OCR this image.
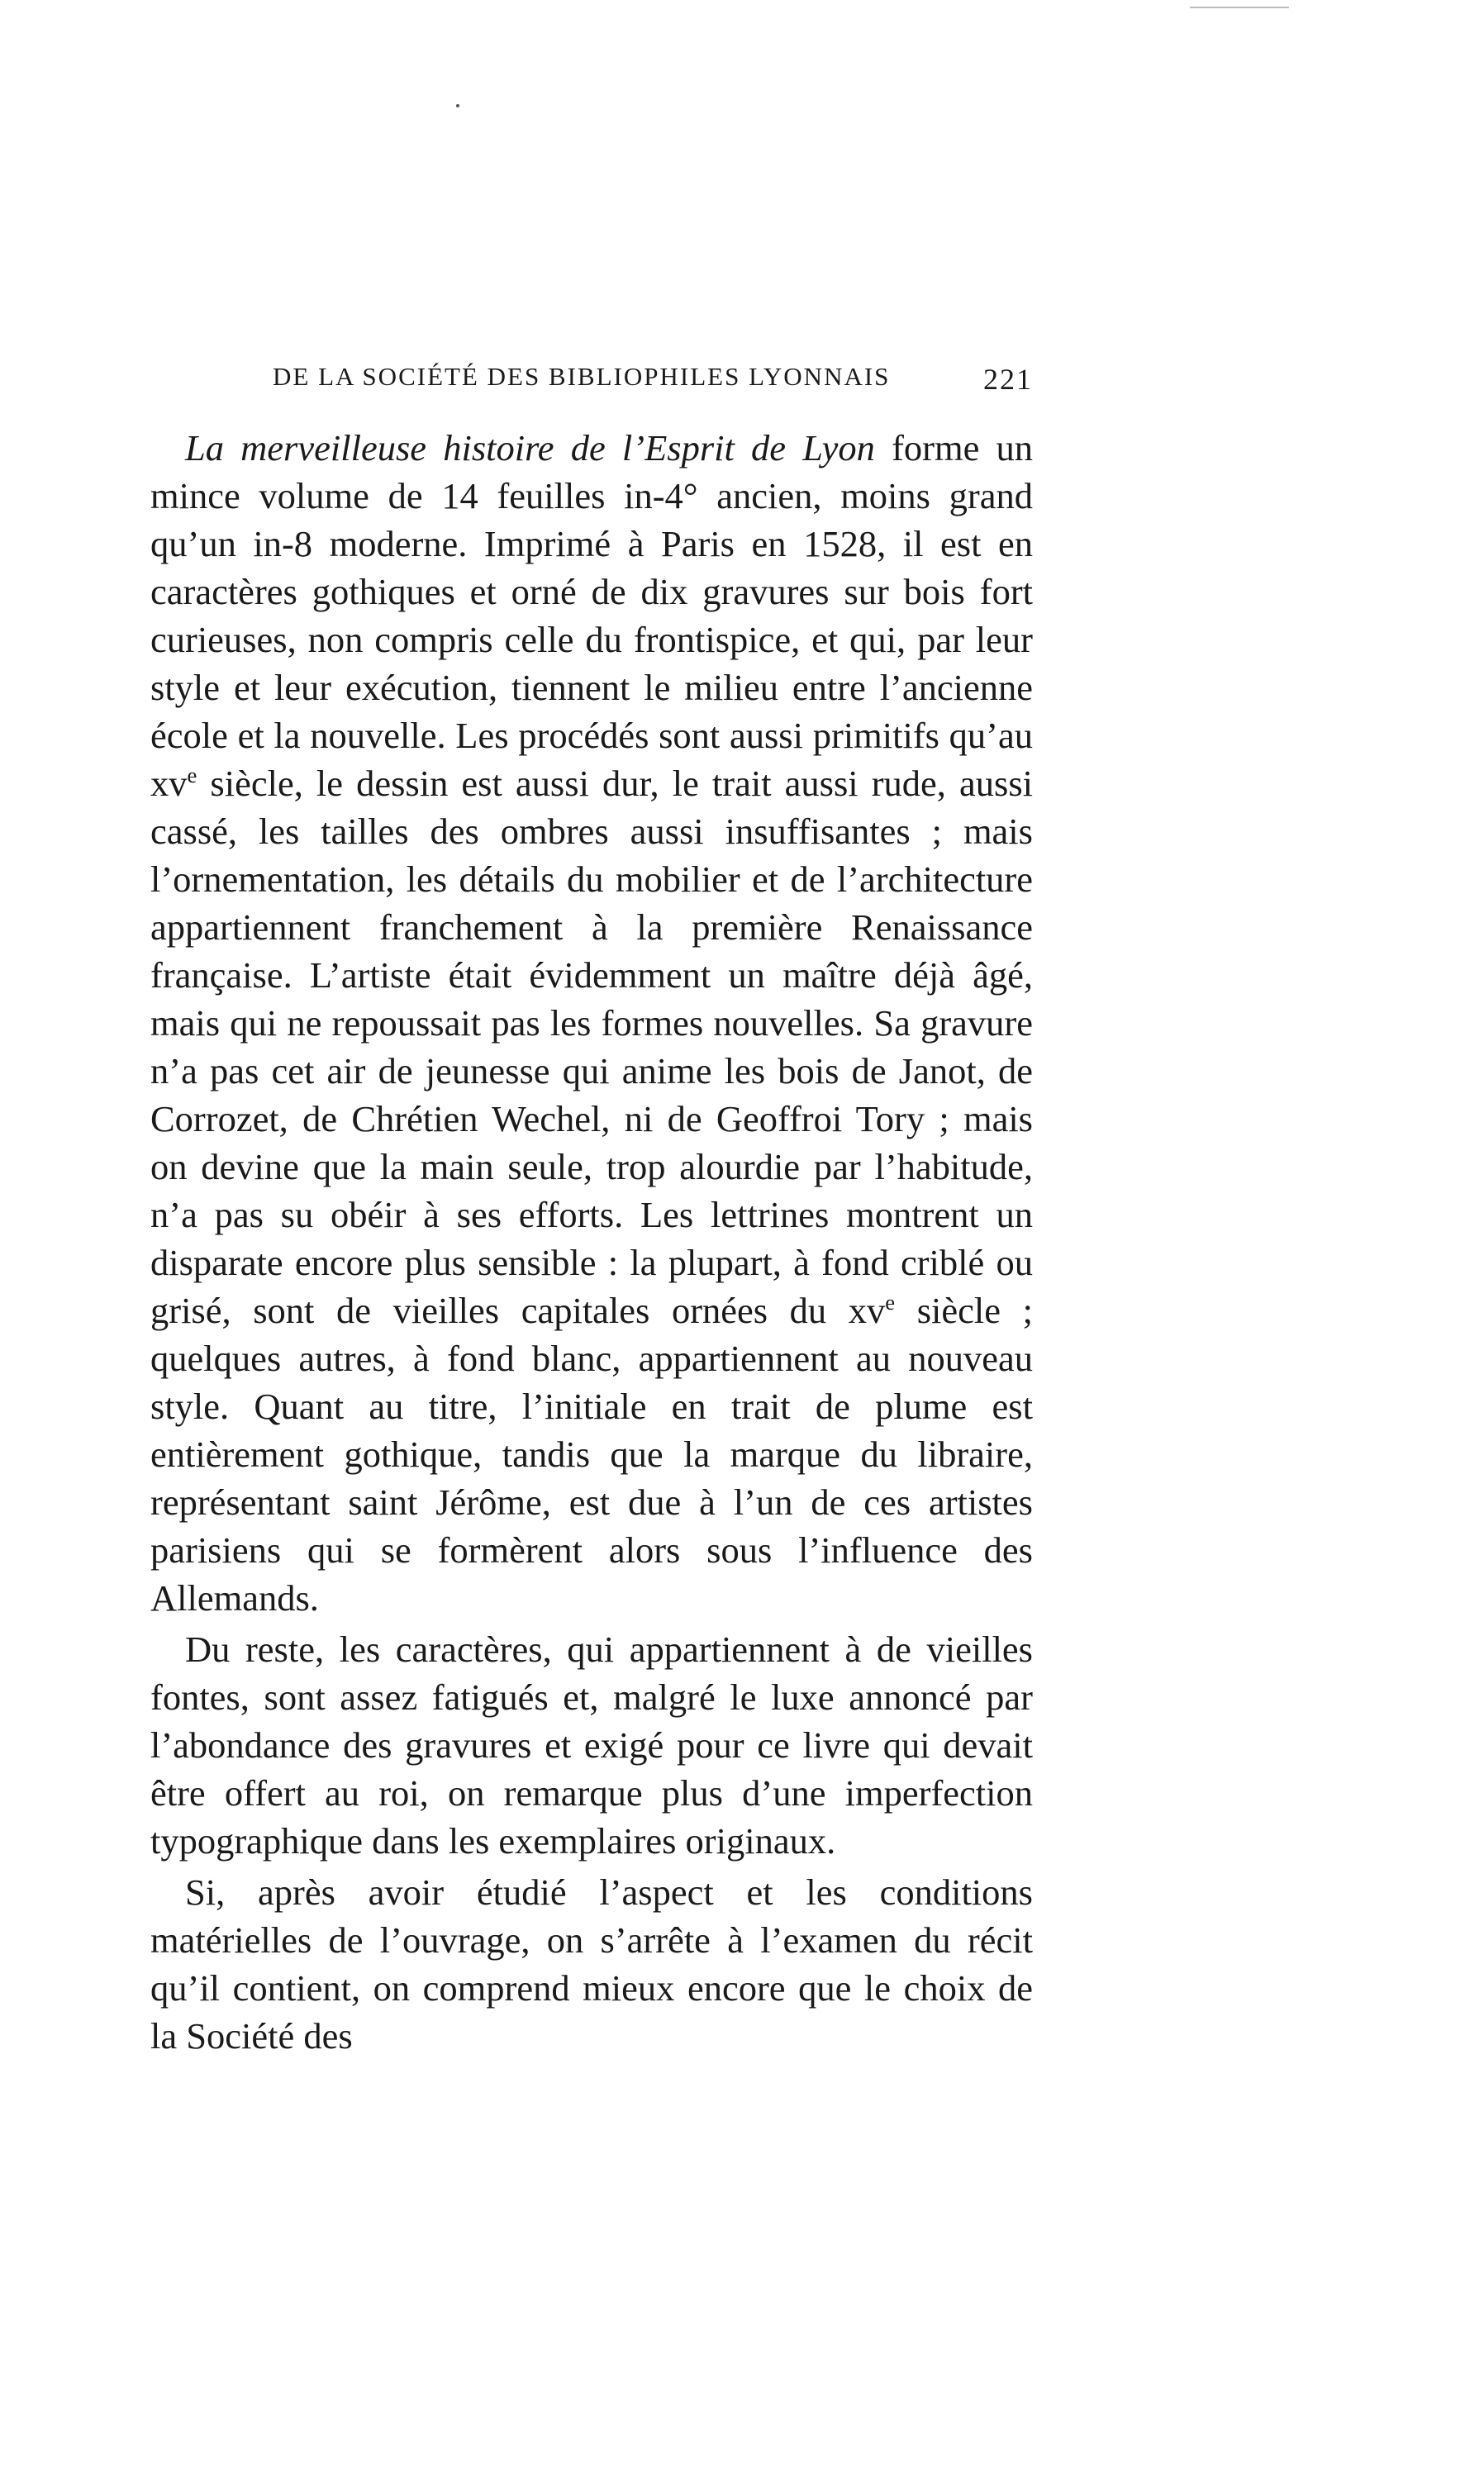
DE LA SOCIÉTÉ DES BIBLIOPHILES LYONNAIS	221

La merveilleuse histoire de l’Esprit de Lyon forme un mince volume de 14 feuilles in-4° ancien, moins grand qu’un in-8 moderne. Imprimé à Paris en 1528, il est en caractères gothiques et orné de dix gravures sur bois fort curieuses, non compris celle du frontispice, et qui, par leur style et leur exécution, tiennent le milieu entre l’ancienne école et la nouvelle. Les procédés sont aussi primitifs qu’au $xv^e$ siècle, le dessin est aussi dur, le trait aussi rude, aussi cassé, les tailles des ombres aussi insuffisantes ; mais l’ornementation, les détails du mobilier et de l’architecture appartiennent franchement à la première Renaissance française. L’artiste était évidemment un maître déjà âgé, mais qui ne repoussait pas les formes nouvelles. Sa gravure n’a pas cet air de jeunesse qui anime les bois de Janot, de Corrozet, de Chrétien Wechel, ni de Geoffroi Tory ; mais on devine que la main seule, trop alourdie par l’habitude, n’a pas su obéir à ses efforts. Les lettrines montrent un disparate encore plus sensible : la plupart, à fond criblé ou grisé, sont de vieilles capitales ornées du $xv^e$ siècle ; quelques autres, à fond blanc, appartiennent au nouveau style. Quant au titre, l’initiale en trait de plume est entièrement gothique, tandis que la marque du libraire, représentant saint Jérôme, est due à l’un de ces artistes parisiens qui se formèrent alors sous l’influence des Allemands.

Du reste, les caractères, qui appartiennent à de vieilles fontes, sont assez fatigués et, malgré le luxe annoncé par l’abondance des gravures et exigé pour ce livre qui devait être offert au roi, on remarque plus d’une imperfection typographique dans les exemplaires originaux.

Si, après avoir étudié l’aspect et les conditions matérielles de l’ouvrage, on s’arrête à l’examen du récit qu’il contient, on comprend mieux encore que le choix de la Société des
